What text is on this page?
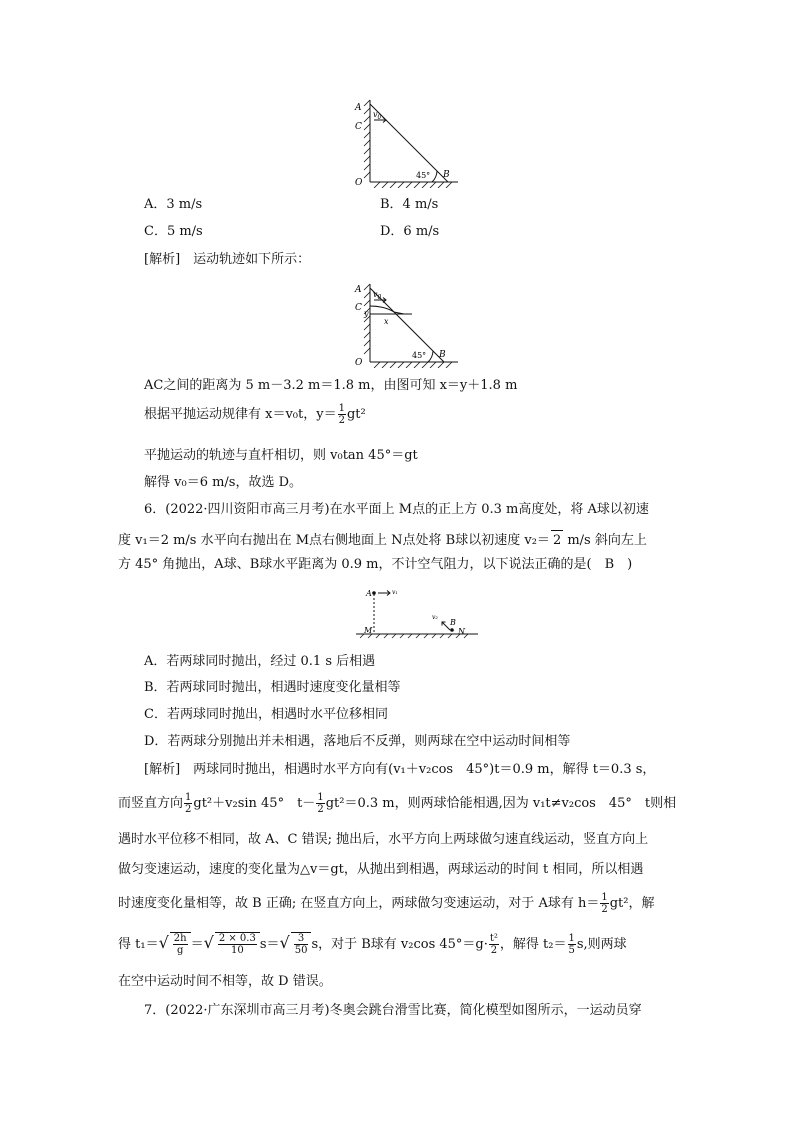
A
C
O
B
$v_0$
45°
A．3 m/s	B．4 m/s
C．5 m/s	D．6 m/s
[解析]　运动轨迹如下所示：
A
C
O
B
$v_0$
y
x
45°
AC之间的距离为 5 m－3.2 m＝1.8 m，由图可知 x＝y＋1.8 m
根据平抛运动规律有 x＝v₀t，$y= \frac{1}{2} gt^2$
平抛运动的轨迹与直杆相切，则 v₀tan 45°＝gt
解得 v₀＝6 m/s，故选 D。
6．(2022·四川资阳市高三月考)在水平面上 M点的正上方 0.3 m高度处，将 A球以初速
度 v₁＝2 m/s 水平向右抛出在 M点右侧地面上 N点处将 B球以初速度 v₂＝ 2 m/s 斜向左上
方 45° 角抛出，A球、B球水平距离为 0.9 m，不计空气阻力，以下说法正确的是(　B　)
A	v₁
M
v₂
B
N
A．若两球同时抛出，经过 0.1 s 后相遇
B．若两球同时抛出，相遇时速度变化量相等
C．若两球同时抛出，相遇时水平位移相同
D．若两球分别抛出并未相遇，落地后不反弹，则两球在空中运动时间相等
[解析]　两球同时抛出，相遇时水平方向有(v₁＋v₂cos　45°)t＝0.9 m，解得 t＝0.3 s，
而竖直方向 $\frac{1}{2} gt^2+v_2\sin$ 45°　$t- \frac{1}{2} gt^2=0.3$ m，则两球恰能相遇,因为 v₁t≠v₂cos　45°　t则相
遇时水平位移不相同，故 A、C 错误; 抛出后，水平方向上两球做匀速直线运动，竖直方向上
做匀变速运动，速度的变化量为△v＝gt，从抛出到相遇，两球运动的时间 t 相同，所以相遇
时速度变化量相等，故 B 正确; 在竖直方向上，两球做匀变速运动，对于 A球有 $h= \frac{1}{2} gt^2$，解
得 $t_1=√ \frac{2h}{g}$ ＝√ $\frac{2 \times 0.3}{10} s=√ \frac{3}{50}$ s，对于 B球有 v₂cos $45^\circ=g\cdot \frac{\text{t²}}{2}$ ，解得 $t_2= \frac{1}{5} s$,则两球
在空中运动时间不相等，故 D 错误。
7．(2022·广东深圳市高三月考)冬奥会跳台滑雪比赛，简化模型如图所示，一运动员穿
